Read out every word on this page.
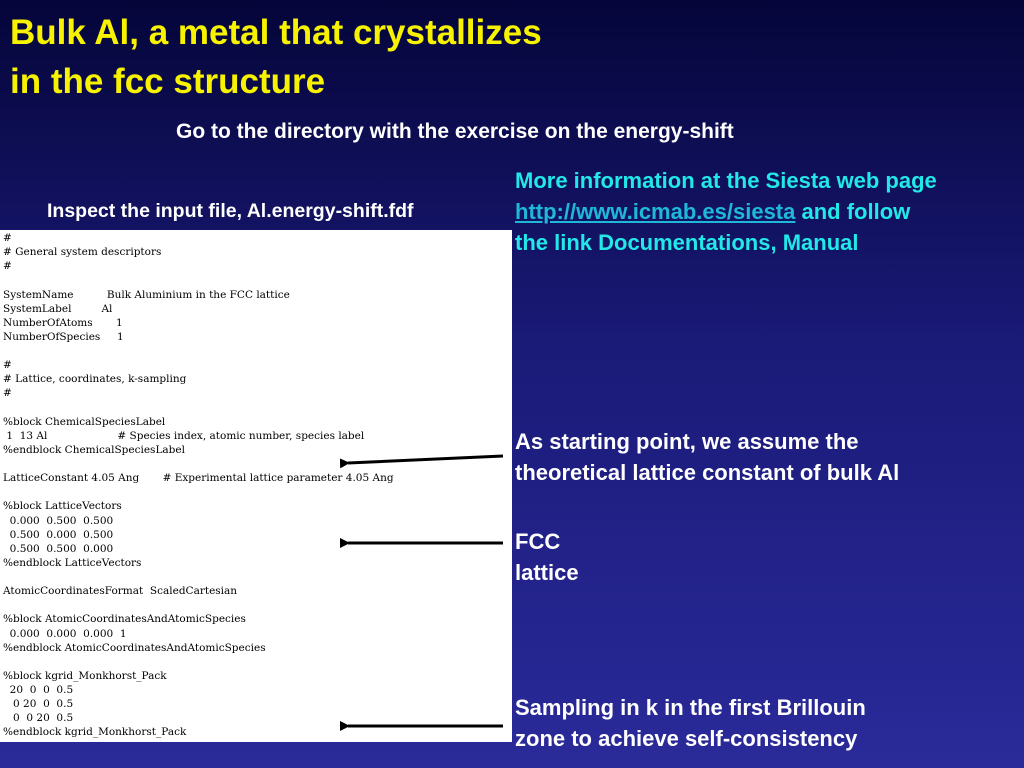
Bulk Al, a metal that crystallizes
in the fcc structure
Go to the directory with the exercise on the energy-shift
More information at the Siesta web page
http://www.icmab.es/siesta and follow
the link Documentations, Manual
Inspect the input file, Al.energy-shift.fdf
#
# General system descriptors
#

SystemName          Bulk Aluminium in the FCC lattice
SystemLabel         Al
NumberOfAtoms       1
NumberOfSpecies     1

#
# Lattice, coordinates, k-sampling
#

%block ChemicalSpeciesLabel
1  13 Al                     # Species index, atomic number, species label
%endblock ChemicalSpeciesLabel

LatticeConstant 4.05 Ang       # Experimental lattice parameter 4.05 Ang

%block LatticeVectors
0.000  0.500  0.500
0.500  0.000  0.500
0.500  0.500  0.000
%endblock LatticeVectors

AtomicCoordinatesFormat  ScaledCartesian

%block AtomicCoordinatesAndAtomicSpecies
0.000  0.000  0.000  1
%endblock AtomicCoordinatesAndAtomicSpecies

%block kgrid_Monkhorst_Pack
20  0  0  0.5
0 20  0  0.5
0  0 20  0.5
%endblock kgrid_Monkhorst_Pack

As starting point, we assume the
theoretical lattice constant of bulk Al
FCC
lattice
Sampling in k in the first Brillouin
zone to achieve self-consistency
